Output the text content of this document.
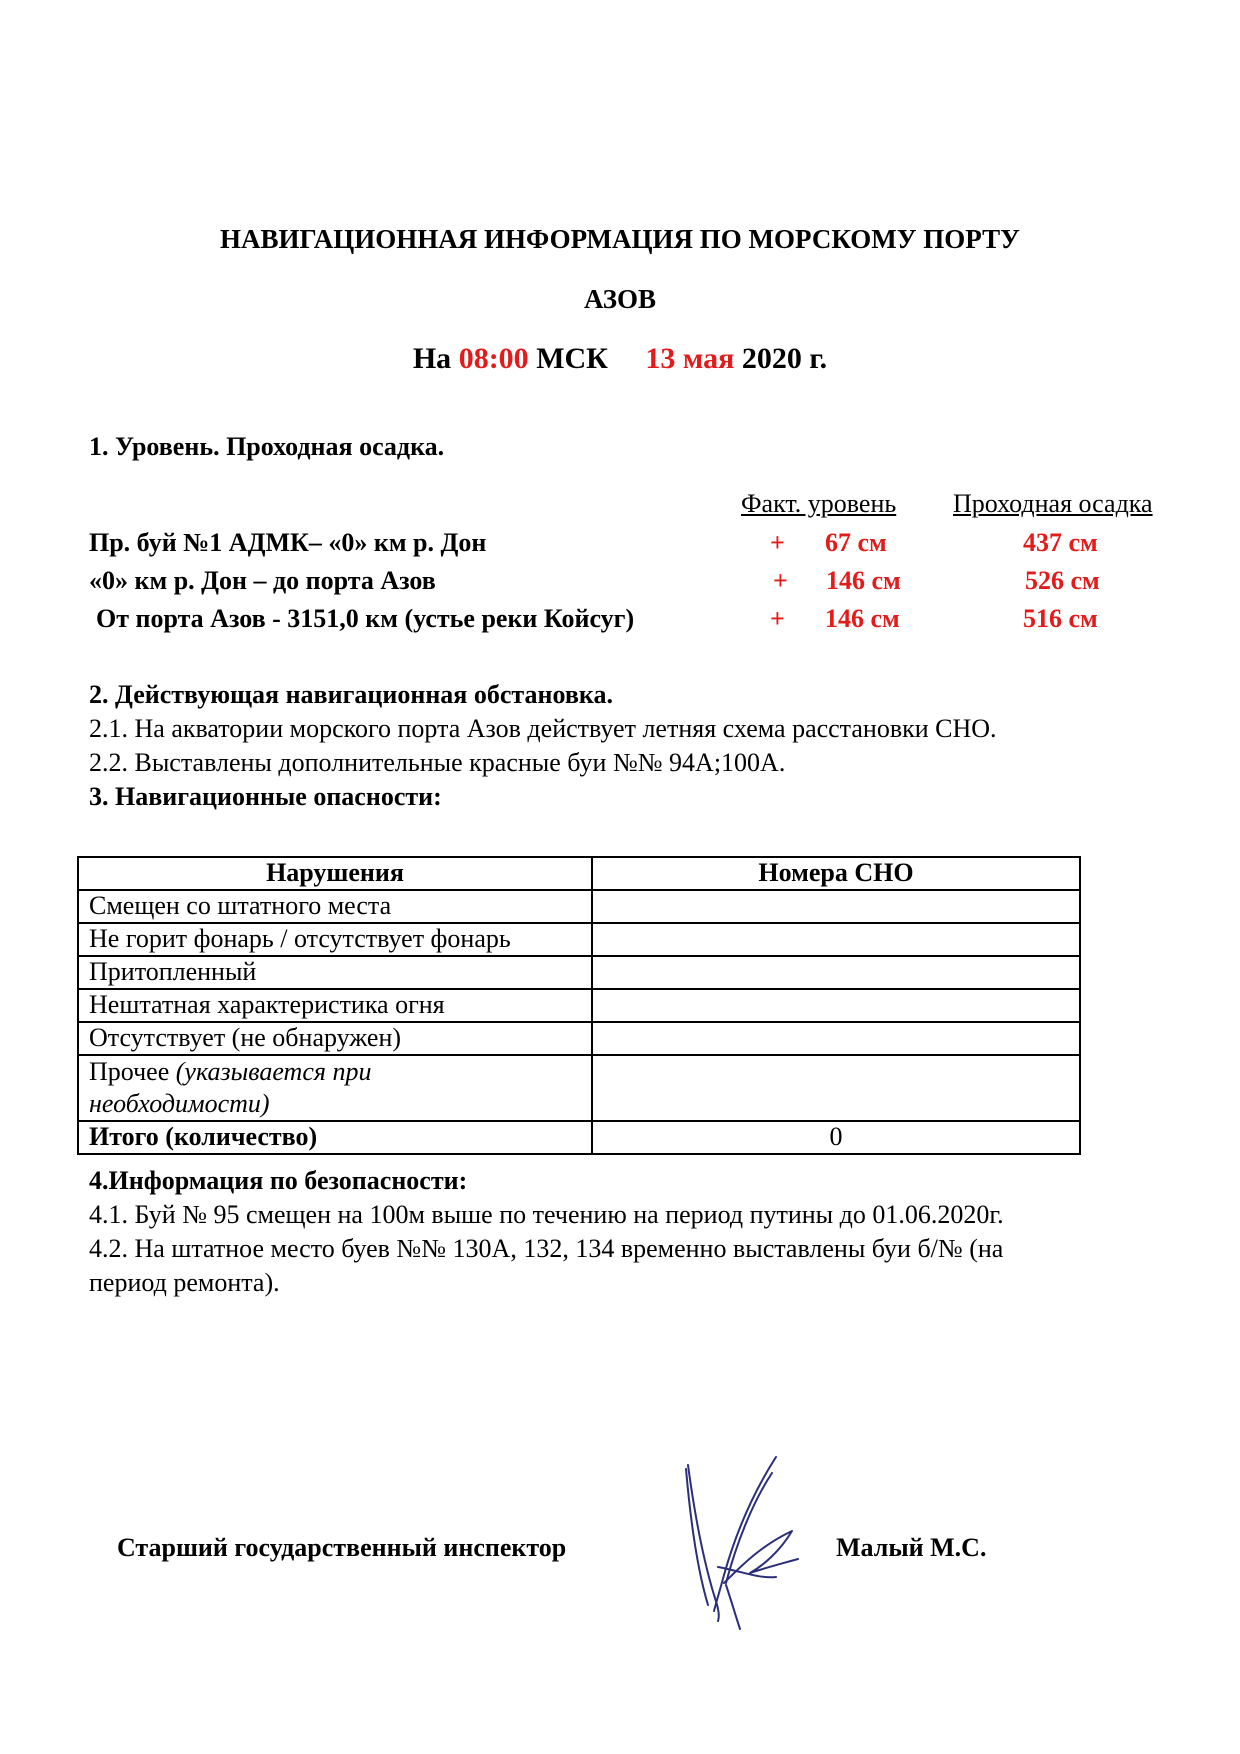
НАВИГАЦИОННАЯ ИНФОРМАЦИЯ ПО МОРСКОМУ ПОРТУ
АЗОВ
На 08:00 МСК 13 мая 2020 г.
1. Уровень. Проходная осадка.
Факт. уровень Проходная осадка
Пр. буй №1 АДМК– «0» км р. Дон	+ 67 см	437 см
«0» км р. Дон – до порта Азов	+ 146 см	526 см
От порта Азов - 3151,0 км (устье реки Койсуг)	+ 146 см	516 см
2. Действующая навигационная обстановка.
2.1. На акватории морского порта Азов действует летняя схема расстановки СНО.
2.2. Выставлены дополнительные красные буи №№ 94А;100А.
3. Навигационные опасности:
Нарушения	Номера СНО
Смещен со штатного места	
Не горит фонарь / отсутствует фонарь	
Притопленный	
Нештатная характеристика огня	
Отсутствует (не обнаружен)	
Прочее (указывается при
необходимости)	
Итого (количество)	0
4.Информация по безопасности:
4.1. Буй № 95 смещен на 100м выше по течению на период путины до 01.06.2020г.
4.2. На штатное место буев №№ 130А, 132, 134 временно выставлены буи б/№ (на
период ремонта).
Старший государственный инспектор	Малый М.С.
